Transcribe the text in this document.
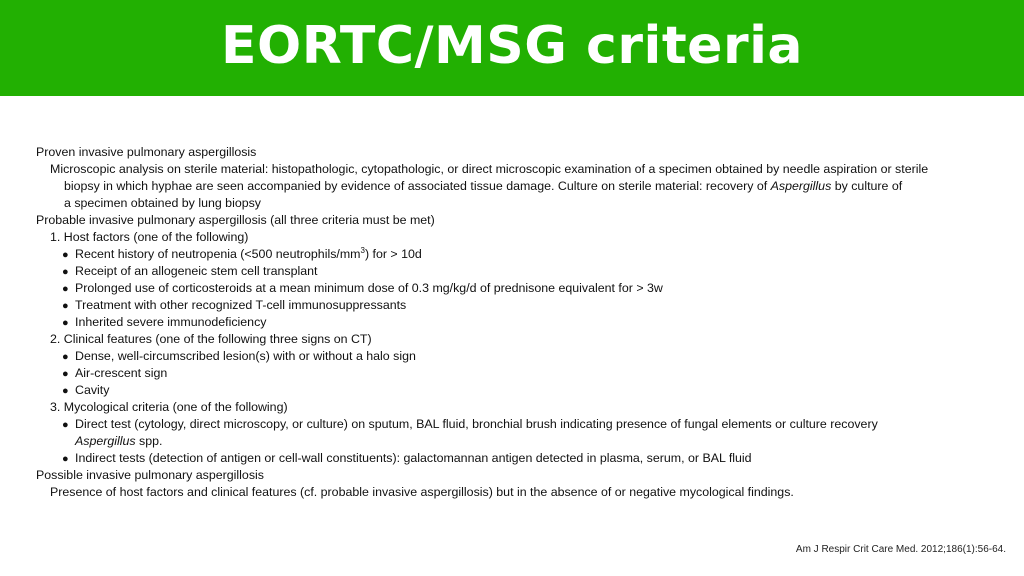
EORTC/MSG criteria
Proven invasive pulmonary aspergillosis
Microscopic analysis on sterile material: histopathologic, cytopathologic, or direct microscopic examination of a specimen obtained by needle aspiration or sterile
biopsy in which hyphae are seen accompanied by evidence of associated tissue damage. Culture on sterile material: recovery of Aspergillus by culture of
a specimen obtained by lung biopsy
Probable invasive pulmonary aspergillosis (all three criteria must be met)
1. Host factors (one of the following)
● Recent history of neutropenia (<500 neutrophils/$mm^3$) for > 10d
● Receipt of an allogeneic stem cell transplant
● Prolonged use of corticosteroids at a mean minimum dose of 0.3 mg/kg/d of prednisone equivalent for > 3w
● Treatment with other recognized T-cell immunosuppressants
● Inherited severe immunodeficiency
2. Clinical features (one of the following three signs on CT)
● Dense, well-circumscribed lesion(s) with or without a halo sign
● Air-crescent sign
● Cavity
3. Mycological criteria (one of the following)
● Direct test (cytology, direct microscopy, or culture) on sputum, BAL fluid, bronchial brush indicating presence of fungal elements or culture recovery
Aspergillus spp.
● Indirect tests (detection of antigen or cell-wall constituents): galactomannan antigen detected in plasma, serum, or BAL fluid
Possible invasive pulmonary aspergillosis
Presence of host factors and clinical features (cf. probable invasive aspergillosis) but in the absence of or negative mycological findings.
Am J Respir Crit Care Med. 2012;186(1):56-64.
